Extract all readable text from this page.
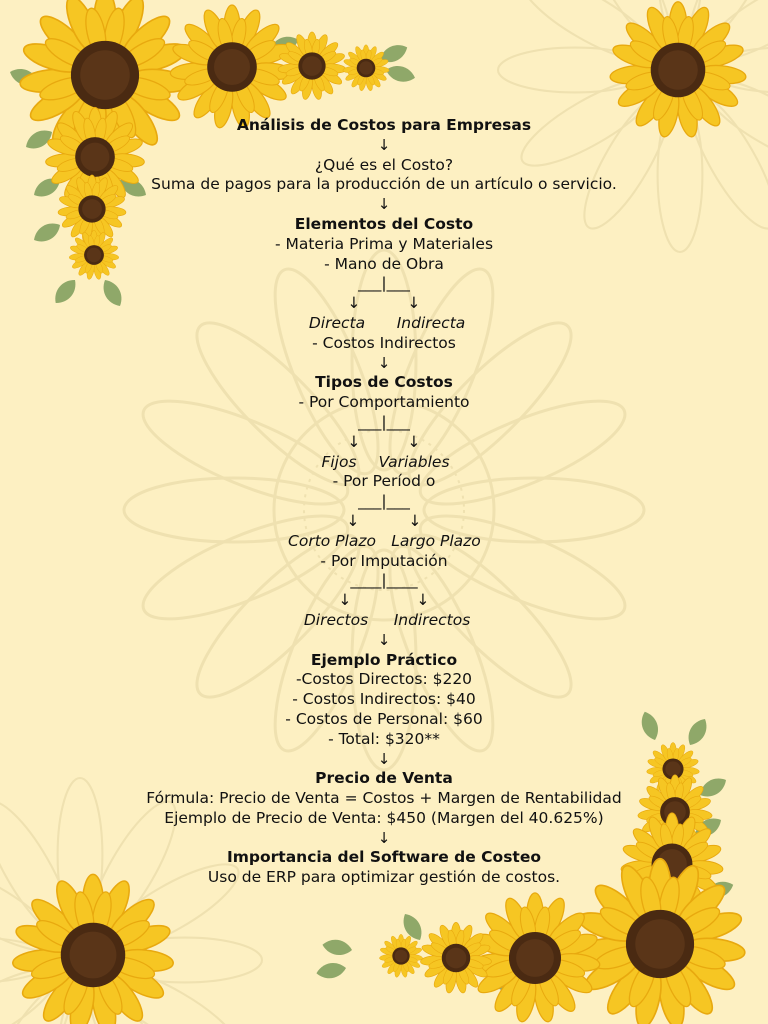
Análisis de Costos para Empresas
↓
¿Qué es el Costo?
Suma de pagos para la producción de un artículo o servicio.
↓
Elementos del Costo
- Materia Prima y Materiales
- Mano de Obra
___|___
↓	↓
Directa	Indirecta
- Costos Indirectos
↓
Tipos de Costos
- Por Comportamiento
___|___
↓	↓
Fijos	Variables
- Por Períod o
___|___
↓	↓
Corto Plazo Largo Plazo
- Por Imputación
____|____
↓	↓
Directos	Indirectos
↓
Ejemplo Práctico
-Costos Directos: $220
- Costos Indirectos: $40
- Costos de Personal: $60
- Total: $320**
↓
Precio de Venta
Fórmula: Precio de Venta = Costos + Margen de Rentabilidad
Ejemplo de Precio de Venta: $450 (Margen del 40.625%)
↓
Importancia del Software de Costeo
Uso de ERP para optimizar gestión de costos.
